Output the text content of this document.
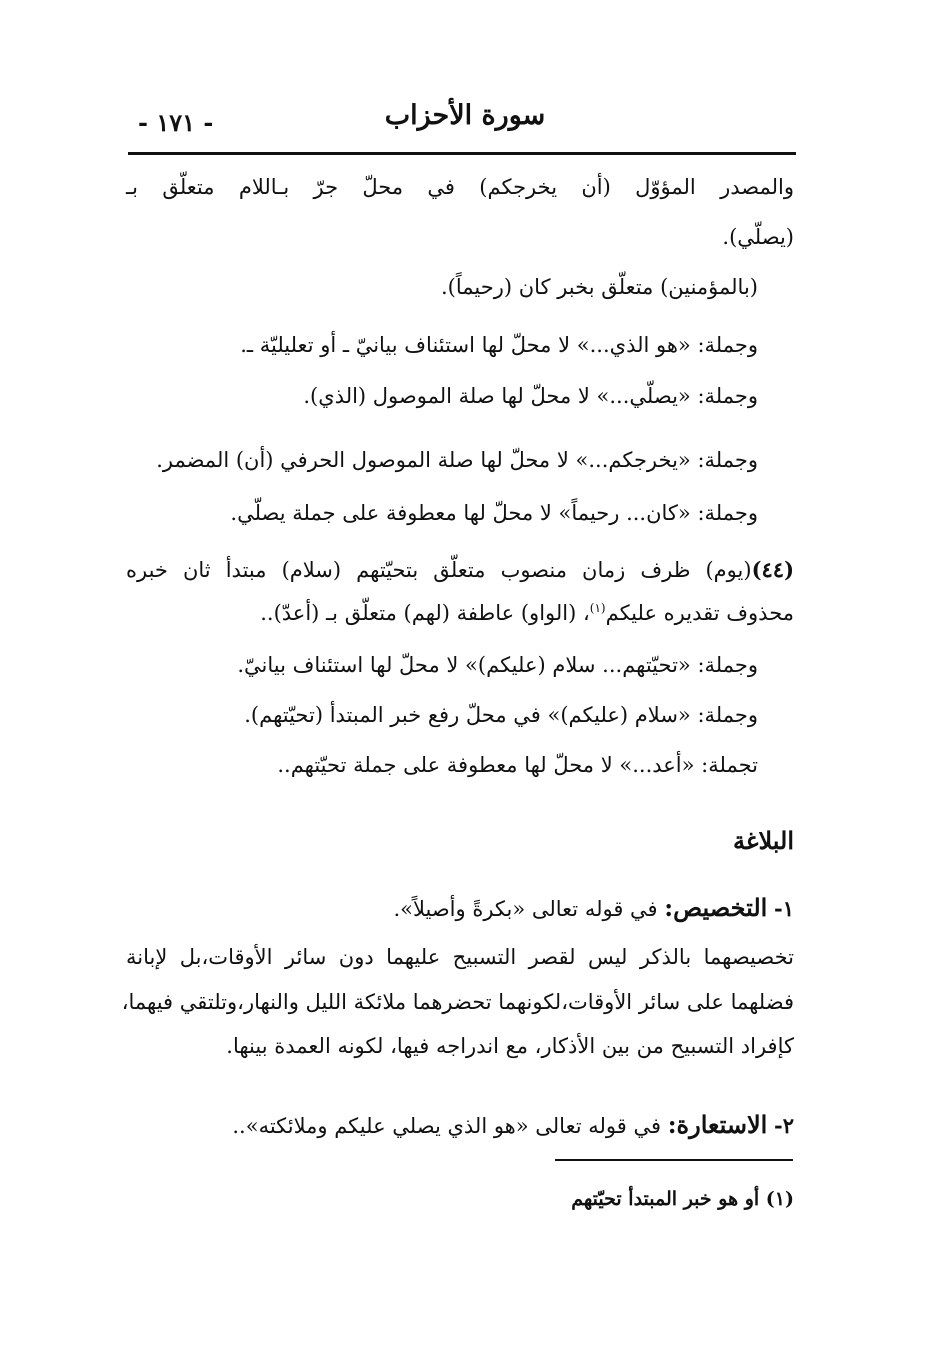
سورة الأحزاب
- ١٧١ -
والمصدر المؤوّل (أن يخرجكم) في محلّ جرّ بـاللام متعلّق بـ
(يصلّي).
(بالمؤمنين) متعلّق بخبر كان (رحيماً).
وجملة: «هو الذي...» لا محلّ لها استئناف بيانيّ ـ أو تعليليّة ـ.
وجملة: «يصلّي...» لا محلّ لها صلة الموصول (الذي).
وجملة: «يخرجكم...» لا محلّ لها صلة الموصول الحرفي (أن) المضمر.
وجملة: «كان... رحيماً» لا محلّ لها معطوفة على جملة يصلّي.
(٤٤)(يوم) ظرف زمان منصوب متعلّق بتحيّتهم (سلام) مبتدأ ثان خبره
محذوف تقديره عليكم$^{(١)}$، (الواو) عاطفة (لهم) متعلّق بـ (أعدّ)..
وجملة: «تحيّتهم... سلام (عليكم)» لا محلّ لها استئناف بيانيّ.
وجملة: «سلام (عليكم)» في محلّ رفع خبر المبتدأ (تحيّتهم).
تجملة: «أعد...» لا محلّ لها معطوفة على جملة تحيّتهم..
البلاغة
١- التخصيص: في قوله تعالى «بكرةً وأصيلاً».
تخصيصهما بالذكر ليس لقصر التسبيح عليهما دون سائر الأوقات،بل لإبانة
فضلهما على سائر الأوقات،لكونهما تحضرهما ملائكة الليل والنهار،وتلتقي فيهما،
كإفراد التسبيح من بين الأذكار، مع اندراجه فيها، لكونه العمدة بينها.
٢- الاستعارة: في قوله تعالى «هو الذي يصلي عليكم وملائكته»..
(١) أو هو خبر المبتدأ تحيّتهم
